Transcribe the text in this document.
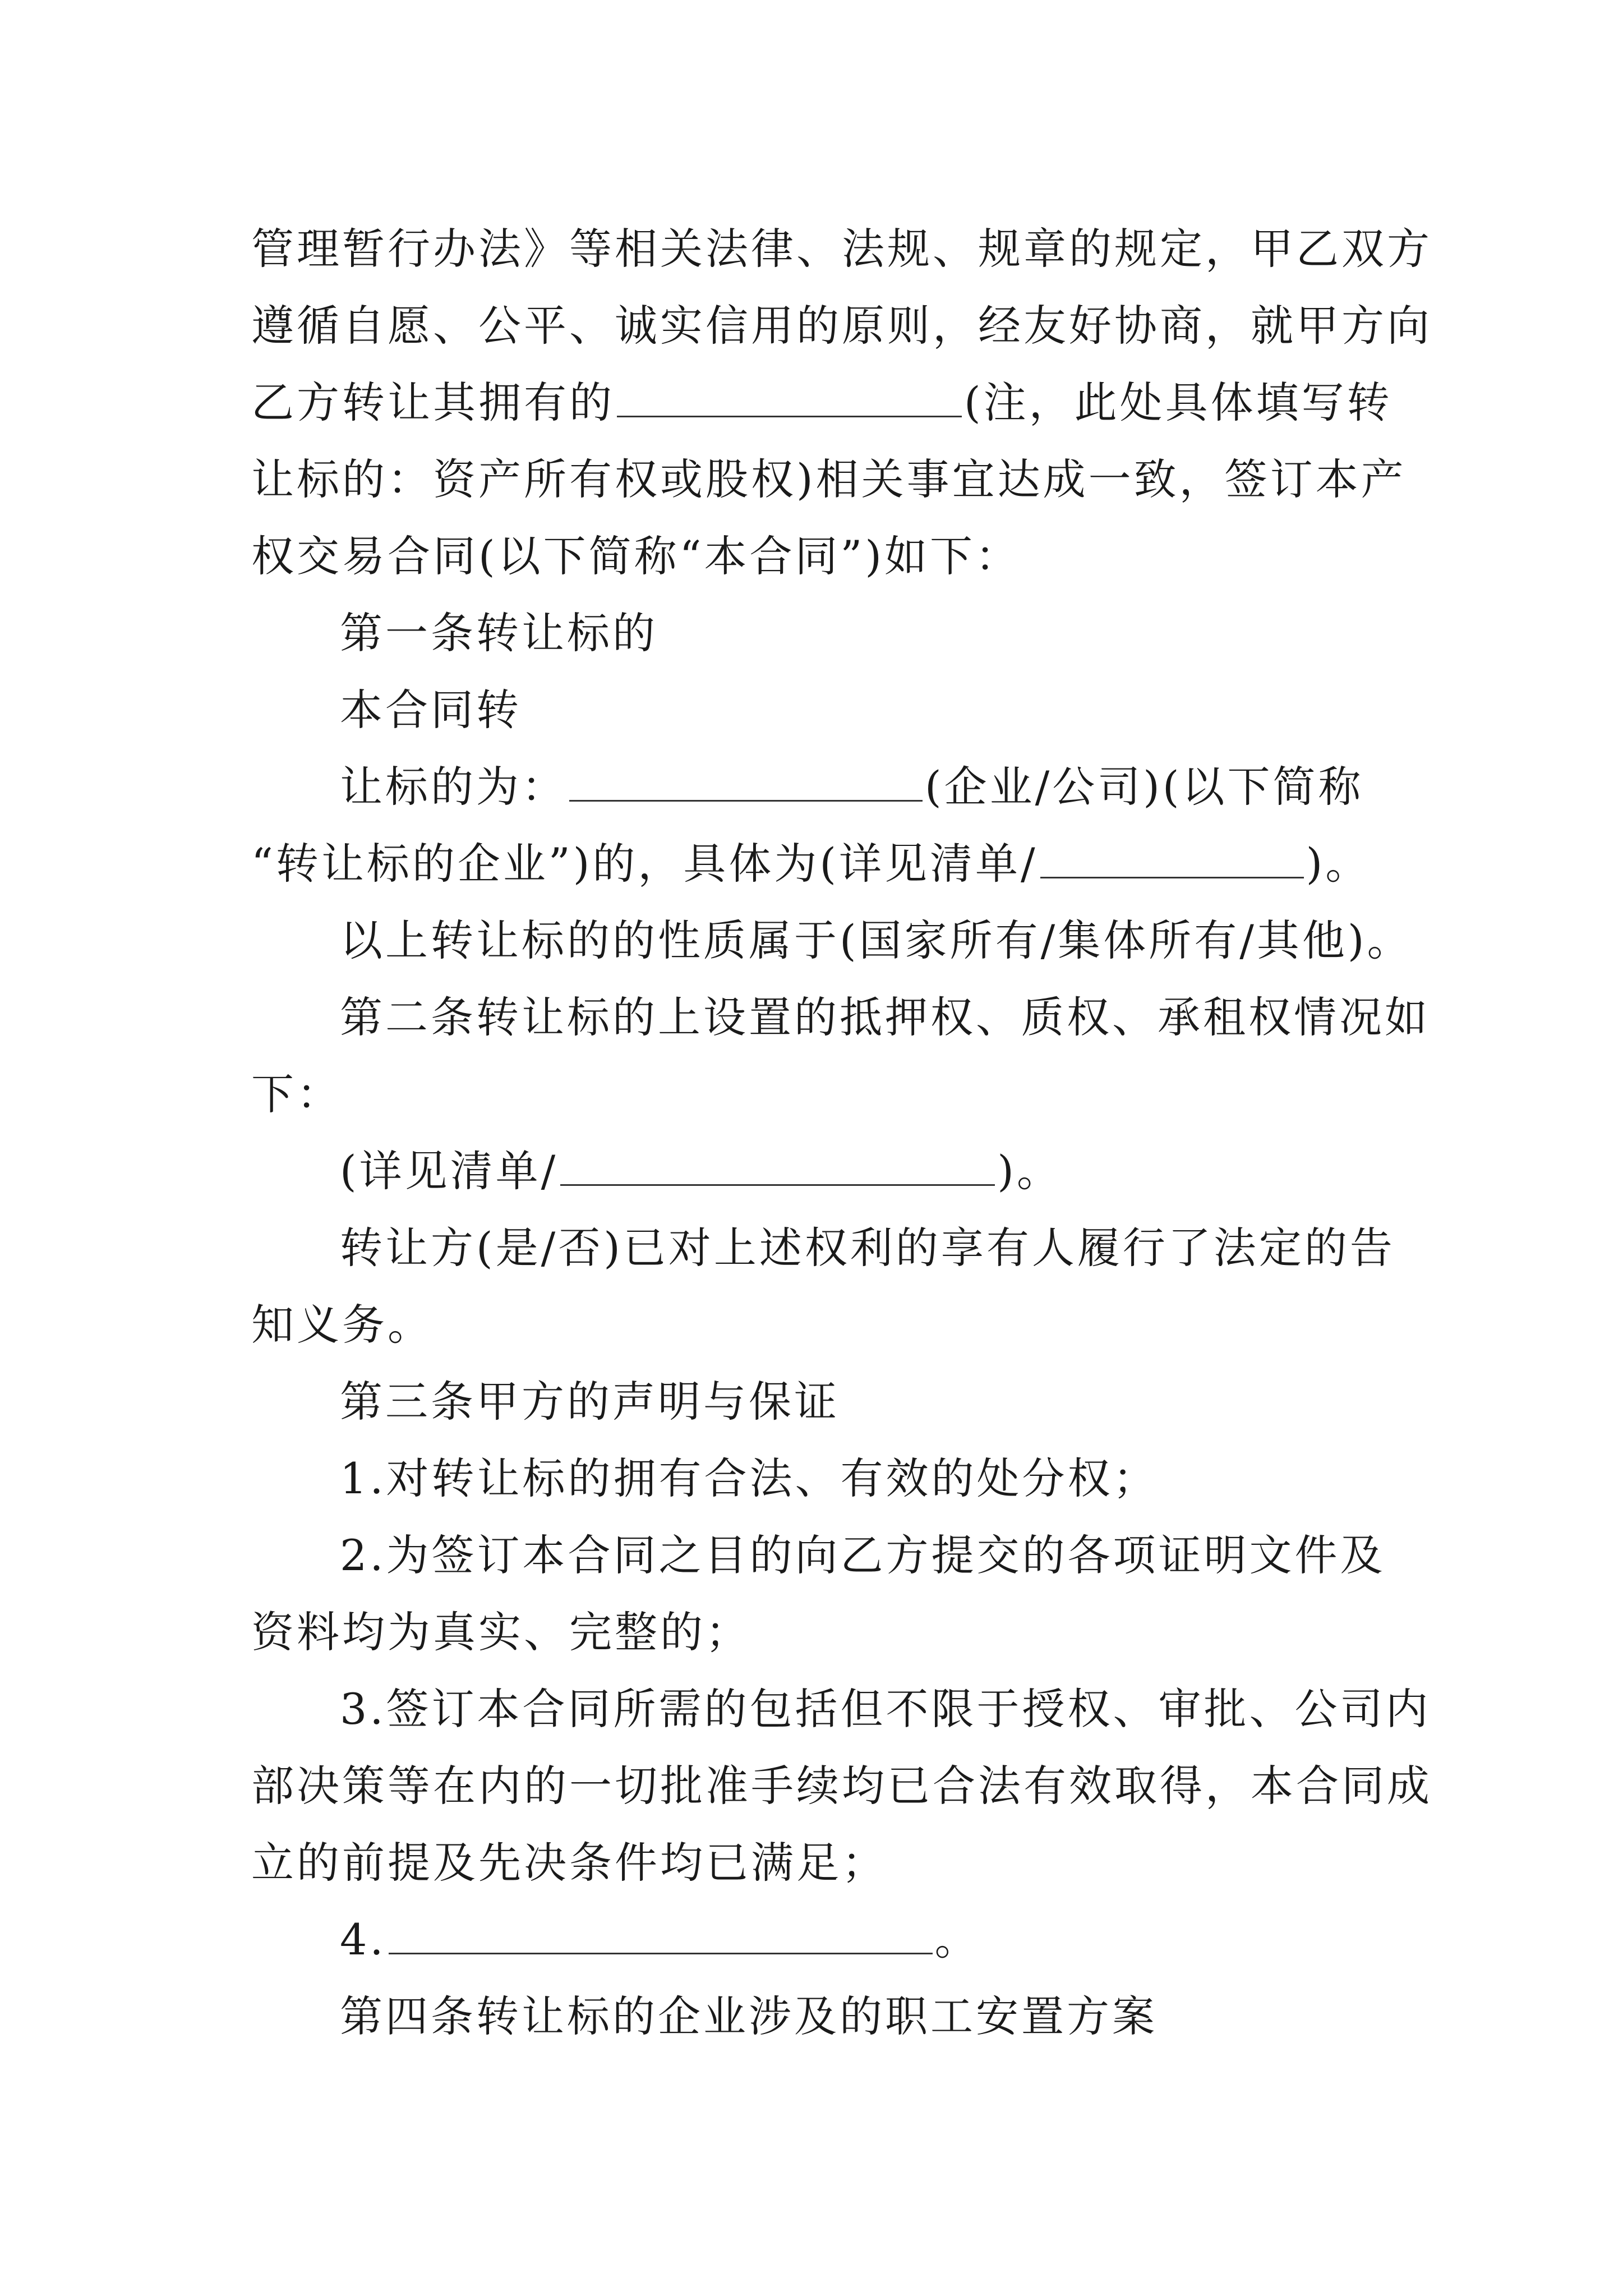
管理暂行办法》等相关法律、法规、规章的规定，甲乙双方
遵循自愿、公平、诚实信用的原则，经友好协商，就甲方向
乙方转让其拥有的	(注，此处具体填写转
让标的：资产所有权或股权)相关事宜达成一致，签订本产
权交易合同(以下简称“本合同”)如下：
第一条转让标的
本合同转
让标的为：	(企业/公司)(以下简称
“转让标的企业”)的，具体为(详见清单/	)。
以上转让标的的性质属于(国家所有/集体所有/其他)。
第二条转让标的上设置的抵押权、质权、承租权情况如
下：
(详见清单/	)。
转让方(是/否)已对上述权利的享有人履行了法定的告
知义务。
第三条甲方的声明与保证
1.对转让标的拥有合法、有效的处分权；
2.为签订本合同之目的向乙方提交的各项证明文件及
资料均为真实、完整的；
3.签订本合同所需的包括但不限于授权、审批、公司内
部决策等在内的一切批准手续均已合法有效取得，本合同成
立的前提及先决条件均已满足；
4.	。
第四条转让标的企业涉及的职工安置方案
